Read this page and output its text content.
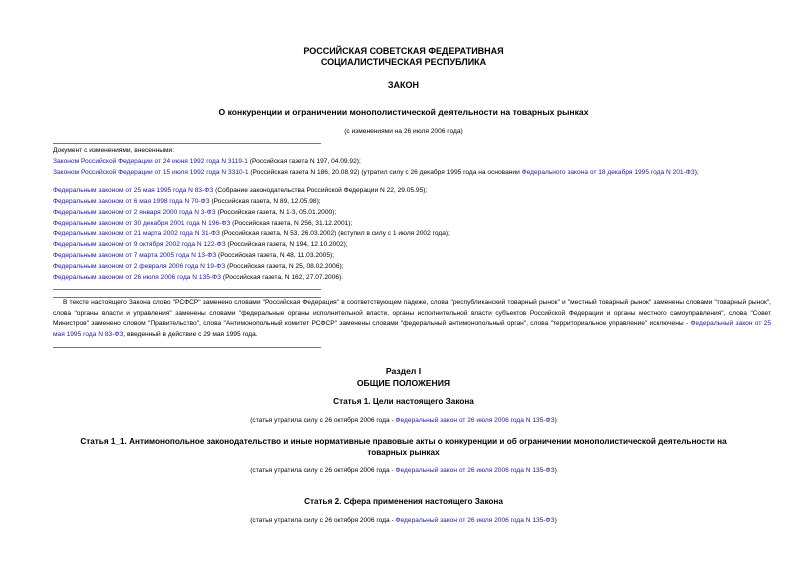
РОССИЙСКАЯ СОВЕТСКАЯ ФЕДЕРАТИВНАЯ
СОЦИАЛИСТИЧЕСКАЯ РЕСПУБЛИКА
ЗАКОН
О конкуренции и ограничении монополистической деятельности на товарных рынках
(с изменениями на 26 июля 2006 года)
Документ с изменениями, внесенными:
Законом Российской Федерации от 24 июня 1992 года N 3119-1 (Российская газета N 197, 04.09.92);
Законом Российской Федерации от 15 июля 1992 года N 3310-1 (Российская газета N 186, 20.08.92) (утратил силу с 26 декабря 1995 года на основании Федерального закона от 18 декабря 1995 года N 201-ФЗ);
Федеральным законом от 25 мая 1995 года N 83-ФЗ (Собрание законодательства Российской Федерации N 22, 29.05.95);
Федеральным законом от 6 мая 1998 года N 70-ФЗ (Российская газета, N 89, 12.05.98);
Федеральным законом от 2 января 2000 года N 3-ФЗ (Российская газета, N 1-3, 05.01.2000);
Федеральным законом от 30 декабря 2001 года N 196-ФЗ (Российская газета, N 256, 31.12.2001);
Федеральным законом от 21 марта 2002 года N 31-ФЗ (Российская газета, N 53, 26.03.2002) (вступил в силу с 1 июля 2002 года);
Федеральным законом от 9 октября 2002 года N 122-ФЗ (Российская газета, N 194, 12.10.2002);
Федеральным законом от 7 марта 2005 года N 13-ФЗ (Российская газета, N 48, 11.03.2005);
Федеральным законом от 2 февраля 2006 года N 19-ФЗ (Российская газета, N 25, 08.02.2006);
Федеральным законом от 26 июля 2006 года N 135-ФЗ (Российская газета, N 162, 27.07.2006).
В тексте настоящего Закона слово "РСФСР" заменено словами "Российская Федерация" в соответствующем падеже, слова "республиканский товарный рынок" и "местный товарный рынок" заменены словами "товарный рынок", слова "органы власти и управления" заменены словами "федеральные органы исполнительной власти, органы исполнительной власти субъектов Российской Федерации и органы местного самоуправления", слова "Совет Министров" заменено словом "Правительство", слова "Антимонопольный комитет РСФСР" заменены словами "федеральный антимонопольный орган", слова "территориальное управление" исключены - Федеральный закон от 25 мая 1995 года N 83-ФЗ, введенный в действие с 29 мая 1995 года.
Раздел I
ОБЩИЕ ПОЛОЖЕНИЯ
Статья 1. Цели настоящего Закона
(статья утратила силу с 26 октября 2006 года - Федеральный закон от 26 июля 2006 года N 135-ФЗ)
Статья 1_1. Антимонопольное законодательство и иные нормативные правовые акты о конкуренции и об ограничении монополистической деятельности на
товарных рынках
(статья утратила силу с 26 октября 2006 года - Федеральный закон от 26 июля 2006 года N 135-ФЗ)
Статья 2. Сфера применения настоящего Закона
(статья утратила силу с 26 октября 2006 года - Федеральный закон от 26 июля 2006 года N 135-ФЗ)
